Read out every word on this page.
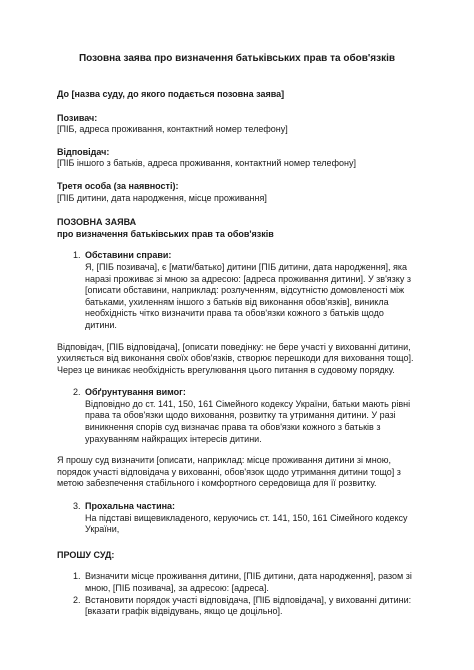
Позовна заява про визначення батьківських прав та обов'язків
До [назва суду, до якого подається позовна заява]
Позивач:
[ПІБ, адреса проживання, контактний номер телефону]
Відповідач:
[ПІБ іншого з батьків, адреса проживання, контактний номер телефону]
Третя особа (за наявності):
[ПІБ дитини, дата народження, місце проживання]
ПОЗОВНА ЗАЯВА
про визначення батьківських прав та обов'язків
1. Обставини справи:
Я, [ПІБ позивача], є [мати/батько] дитини [ПІБ дитини, дата народження], яка наразі проживає зі мною за адресою: [адреса проживання дитини]. У зв'язку з [описати обставини, наприклад: розлученням, відсутністю домовленості між батьками, ухиленням іншого з батьків від виконання обов'язків], виникла необхідність чітко визначити права та обов'язки кожного з батьків щодо дитини.
Відповідач, [ПІБ відповідача], [описати поведінку: не бере участі у вихованні дитини, ухиляється від виконання своїх обов'язків, створює перешкоди для виховання тощо]. Через це виникає необхідність врегулювання цього питання в судовому порядку.
2. Обґрунтування вимог:
Відповідно до ст. 141, 150, 161 Сімейного кодексу України, батьки мають рівні права та обов'язки щодо виховання, розвитку та утримання дитини. У разі виникнення спорів суд визначає права та обов'язки кожного з батьків з урахуванням найкращих інтересів дитини.
Я прошу суд визначити [описати, наприклад: місце проживання дитини зі мною, порядок участі відповідача у вихованні, обов'язок щодо утримання дитини тощо] з метою забезпечення стабільного і комфортного середовища для її розвитку.
3. Прохальна частина:
На підставі вищевикладеного, керуючись ст. 141, 150, 161 Сімейного кодексу України,
ПРОШУ СУД:
1. Визначити місце проживання дитини, [ПІБ дитини, дата народження], разом зі мною, [ПІБ позивача], за адресою: [адреса].
2. Встановити порядок участі відповідача, [ПІБ відповідача], у вихованні дитини: [вказати графік відвідувань, якщо це доцільно].
